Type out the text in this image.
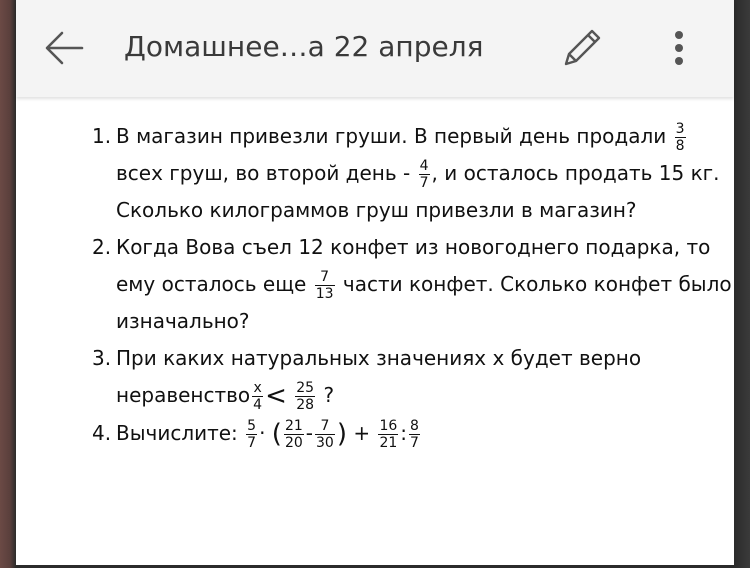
Домашнее…а 22 апреля
1. В магазин привезли груши. В первый день продали $\frac{3}{8}$
всех груш, во второй день - $\frac{4}{7}$ , и осталось продать 15 кг.
Сколько килограммов груш привезли в магазин?
2. Когда Вова съел 12 конфет из новогоднего подарка, то
ему осталось еще $\frac{7}{13}$ части конфет. Сколько конфет было
изначально?
3. При каких натуральных значениях x будет верно
неравенство $\frac{x}{4} < \frac{25}{28}$ ?
4. Вычислите: $\frac{5}{7}$ · ( $\frac{21}{20} - \frac{7}{30}$ ) + $\frac{16}{21}$ : $\frac{8}{7}$
